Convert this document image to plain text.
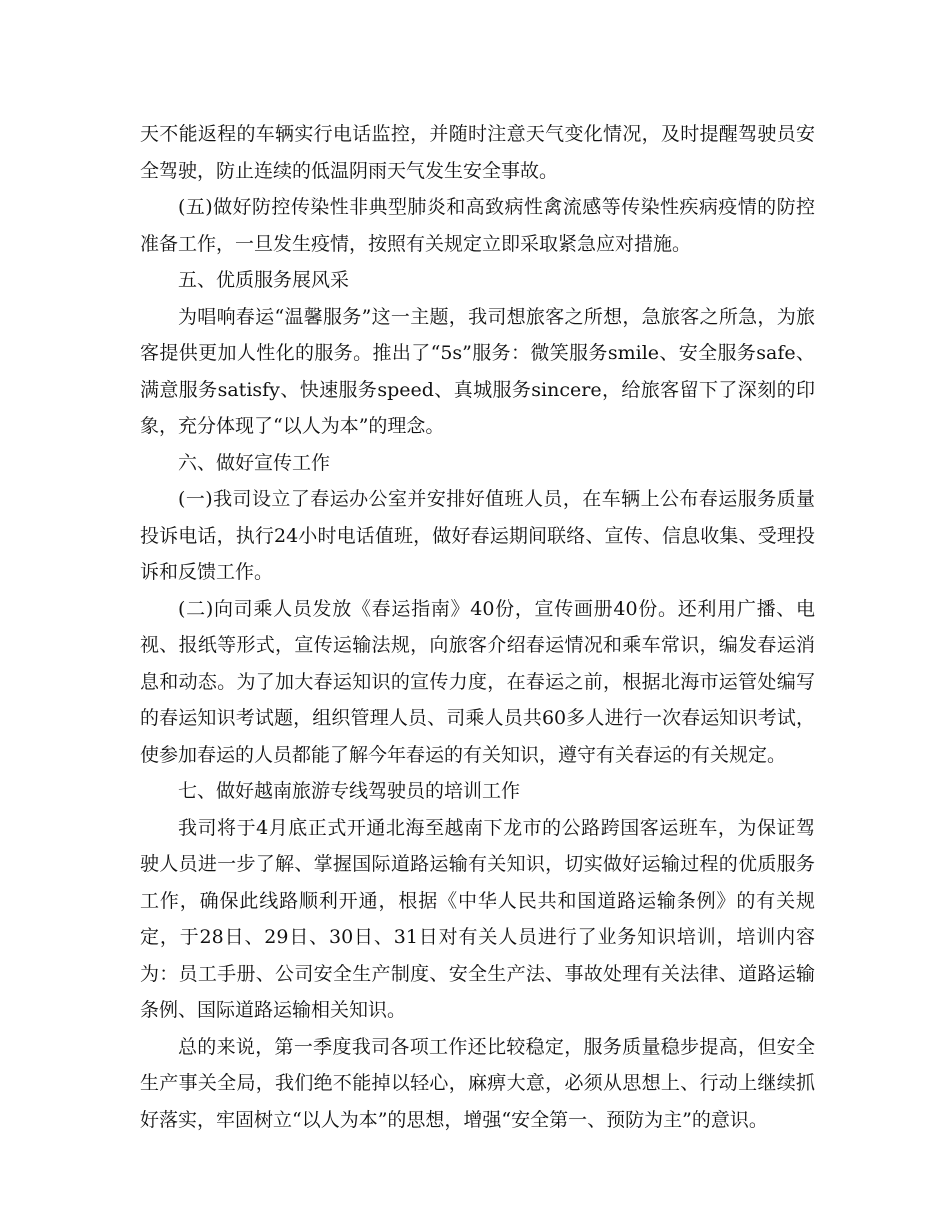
天不能返程的车辆实行电话监控，并随时注意天气变化情况，及时提醒驾驶员安全驾驶，防止连续的低温阴雨天气发生安全事故。

(五)做好防控传染性非典型肺炎和高致病性禽流感等传染性疾病疫情的防控准备工作，一旦发生疫情，按照有关规定立即采取紧急应对措施。

五、优质服务展风采

为唱响春运“温馨服务”这一主题，我司想旅客之所想，急旅客之所急，为旅客提供更加人性化的服务。推出了“5s”服务：微笑服务smile、安全服务safe、满意服务satisfy、快速服务speed、真城服务sincere，给旅客留下了深刻的印象，充分体现了“以人为本”的理念。

六、做好宣传工作

(一)我司设立了春运办公室并安排好值班人员，在车辆上公布春运服务质量投诉电话，执行24小时电话值班，做好春运期间联络、宣传、信息收集、受理投诉和反馈工作。

(二)向司乘人员发放《春运指南》40份，宣传画册40份。还利用广播、电视、报纸等形式，宣传运输法规，向旅客介绍春运情况和乘车常识，编发春运消息和动态。为了加大春运知识的宣传力度，在春运之前，根据北海市运管处编写的春运知识考试题，组织管理人员、司乘人员共60多人进行一次春运知识考试，使参加春运的人员都能了解今年春运的有关知识，遵守有关春运的有关规定。

七、做好越南旅游专线驾驶员的培训工作

我司将于4月底正式开通北海至越南下龙市的公路跨国客运班车，为保证驾驶人员进一步了解、掌握国际道路运输有关知识，切实做好运输过程的优质服务工作，确保此线路顺利开通，根据《中华人民共和国道路运输条例》的有关规定，于28日、29日、30日、31日对有关人员进行了业务知识培训，培训内容为：员工手册、公司安全生产制度、安全生产法、事故处理有关法律、道路运输条例、国际道路运输相关知识。

总的来说，第一季度我司各项工作还比较稳定，服务质量稳步提高，但安全生产事关全局，我们绝不能掉以轻心，麻痹大意，必须从思想上、行动上继续抓好落实，牢固树立“以人为本”的思想，增强“安全第一、预防为主”的意识。
